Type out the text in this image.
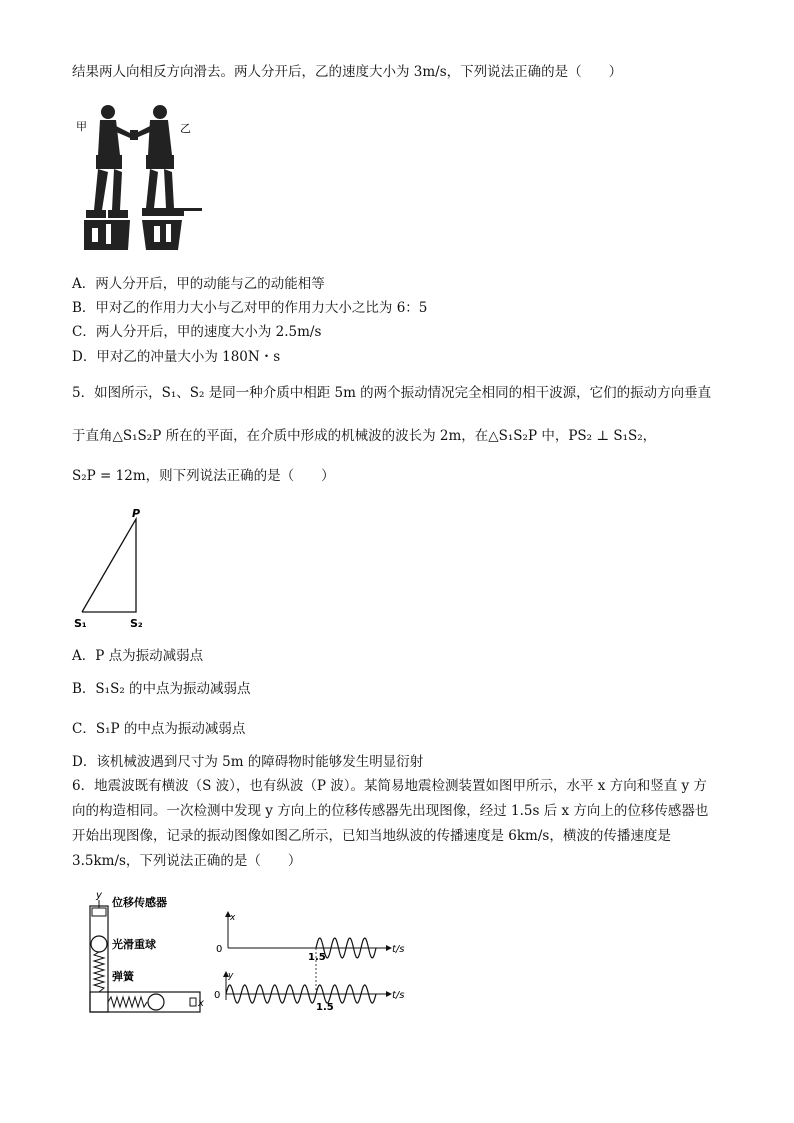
结果两人向相反方向滑去。两人分开后，乙的速度大小为 3m/s，下列说法正确的是（　　）
甲	乙
A．两人分开后，甲的动能与乙的动能相等
B．甲对乙的作用力大小与乙对甲的作用力大小之比为 6：5
C．两人分开后，甲的速度大小为 2.5m/s
D．甲对乙的冲量大小为 180N・s
5．如图所示，S₁、S₂ 是同一种介质中相距 5m 的两个振动情况完全相同的相干波源，它们的振动方向垂直
于直角△S₁S₂P 所在的平面，在介质中形成的机械波的波长为 2m，在△S₁S₂P 中，PS₂ ⊥ S₁S₂，
S₂P = 12m，则下列说法正确的是（　　）
P
S₁	S₂
A．P 点为振动减弱点
B．S₁S₂ 的中点为振动减弱点
C．S₁P 的中点为振动减弱点
D．该机械波遇到尺寸为 5m 的障碍物时能够发生明显衍射
6．地震波既有横波（S 波），也有纵波（P 波）。某简易地震检测装置如图甲所示，水平 x 方向和竖直 y 方
向的构造相同。一次检测中发现 y 方向上的位移传感器先出现图像，经过 1.5s 后 x 方向上的位移传感器也
开始出现图像，记录的振动图像如图乙所示，已知当地纵波的传播速度是 6km/s，横波的传播速度是
3.5km/s，下列说法正确的是（　　）
y
x
位移传感器
光滑重球
弹簧
x
0	t/s
1.5
y
0	t/s
1.5
